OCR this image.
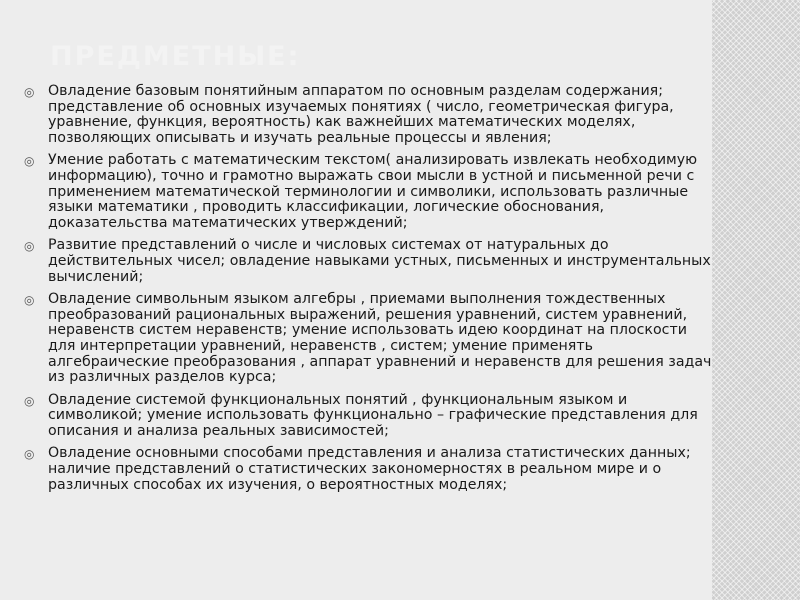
ПРЕДМЕТНЫЕ:
◎ Овладение базовым понятийным аппаратом по основным разделам содержания; представление об основных изучаемых понятиях ( число, геометрическая фигура, уравнение, функция, вероятность) как важнейших математических моделях, позволяющих описывать и изучать реальные процессы и явления;
◎ Умение работать с математическим текстом( анализировать извлекать необходимую информацию), точно и грамотно выражать свои мысли в устной и письменной речи с применением математической терминологии и символики, использовать различные языки математики , проводить классификации, логические обоснования, доказательства математических утверждений;
◎ Развитие представлений о числе и числовых системах от натуральных до действительных чисел; овладение навыками устных, письменных и инструментальных вычислений;
◎ Овладение символьным языком алгебры , приемами выполнения тождественных преобразований рациональных выражений, решения уравнений, систем уравнений, неравенств систем неравенств; умение использовать идею координат на плоскости для интерпретации уравнений, неравенств , систем; умение применять алгебраические преобразования , аппарат уравнений и неравенств для решения задач из различных разделов курса;
◎ Овладение системой функциональных понятий , функциональным языком и символикой; умение использовать функционально – графические представления для описания и анализа реальных зависимостей;
◎ Овладение основными способами представления и анализа статистических данных; наличие представлений о статистических закономерностях в реальном мире и о различных способах их изучения, о вероятностных моделях;
